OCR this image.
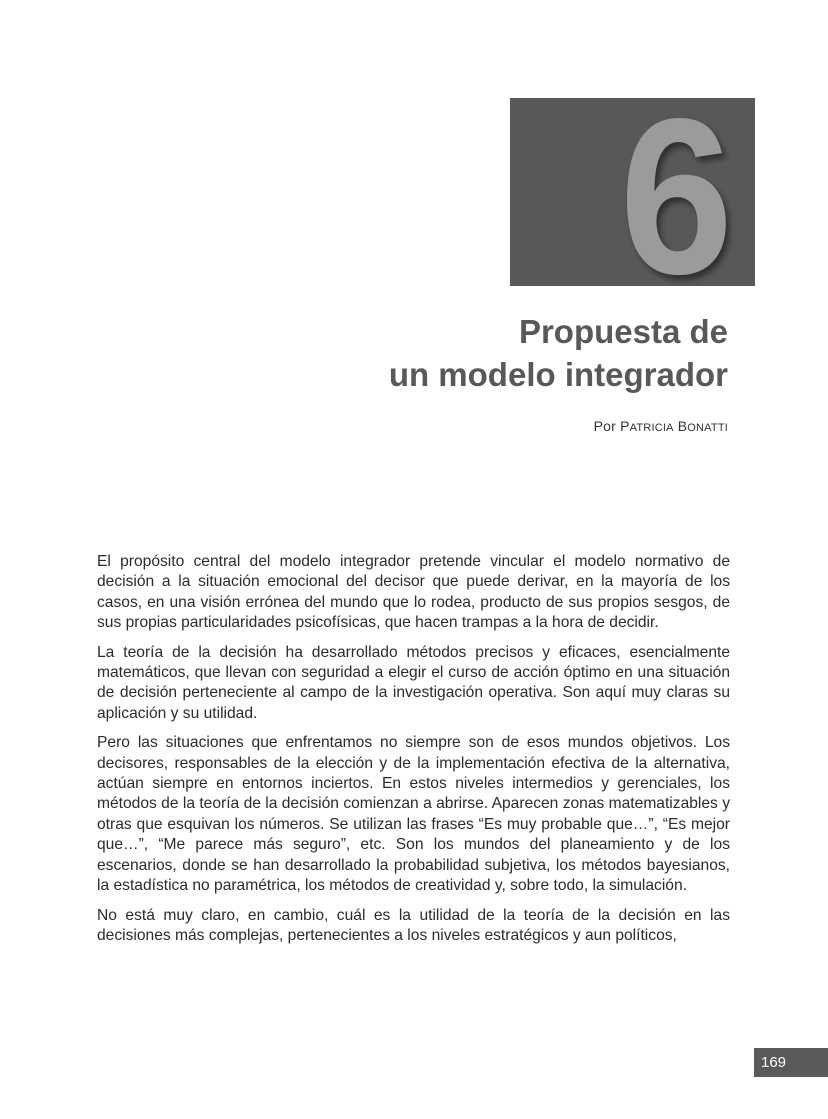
6
Propuesta de
un modelo integrador
Por PATRICIA BONATTI

El propósito central del modelo integrador pretende vincular el modelo normativo de decisión a la situación emocional del decisor que puede derivar, en la mayoría de los casos, en una visión errónea del mundo que lo rodea, producto de sus propios sesgos, de sus propias particularidades psicofísicas, que hacen trampas a la hora de decidir.

La teoría de la decisión ha desarrollado métodos precisos y eficaces, esencialmente matemáticos, que llevan con seguridad a elegir el curso de acción óptimo en una situación de decisión perteneciente al campo de la investigación operativa. Son aquí muy claras su aplicación y su utilidad.

Pero las situaciones que enfrentamos no siempre son de esos mundos objetivos. Los decisores, responsables de la elección y de la implementación efectiva de la alternativa, actúan siempre en entornos inciertos. En estos niveles intermedios y gerenciales, los métodos de la teoría de la decisión comienzan a abrirse. Aparecen zonas matematizables y otras que esquivan los números. Se utilizan las frases “Es muy probable que…”, “Es mejor que…”, “Me parece más seguro”, etc. Son los mundos del planeamiento y de los escenarios, donde se han desarrollado la probabilidad subjetiva, los métodos bayesianos, la estadística no paramétrica, los métodos de creatividad y, sobre todo, la simulación.

No está muy claro, en cambio, cuál es la utilidad de la teoría de la decisión en las decisiones más complejas, pertenecientes a los niveles estratégicos y aun políticos,

169
